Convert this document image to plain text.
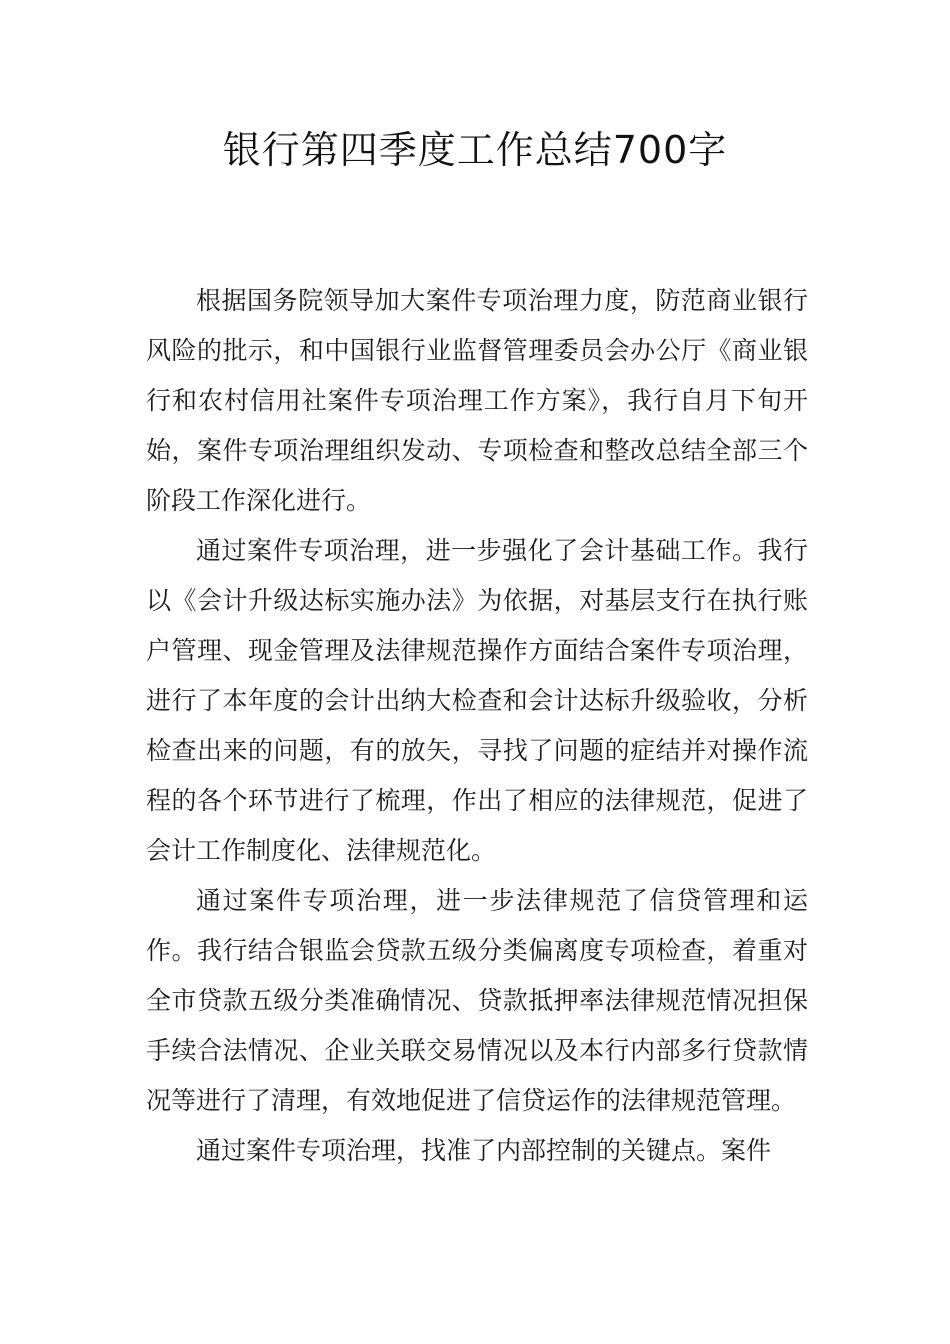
银行第四季度工作总结700字

根据国务院领导加大案件专项治理力度，防范商业银行风险的批示，和中国银行业监督管理委员会办公厅《商业银行和农村信用社案件专项治理工作方案》，我行自月下旬开始，案件专项治理组织发动、专项检查和整改总结全部三个阶段工作深化进行。

通过案件专项治理，进一步强化了会计基础工作。我行以《会计升级达标实施办法》为依据，对基层支行在执行账户管理、现金管理及法律规范操作方面结合案件专项治理，进行了本年度的会计出纳大检查和会计达标升级验收，分析检查出来的问题，有的放矢，寻找了问题的症结并对操作流程的各个环节进行了梳理，作出了相应的法律规范，促进了会计工作制度化、法律规范化。

通过案件专项治理，进一步法律规范了信贷管理和运作。我行结合银监会贷款五级分类偏离度专项检查，着重对全市贷款五级分类准确情况、贷款抵押率法律规范情况担保手续合法情况、企业关联交易情况以及本行内部多行贷款情况等进行了清理，有效地促进了信贷运作的法律规范管理。

通过案件专项治理，找准了内部控制的关键点。案件
